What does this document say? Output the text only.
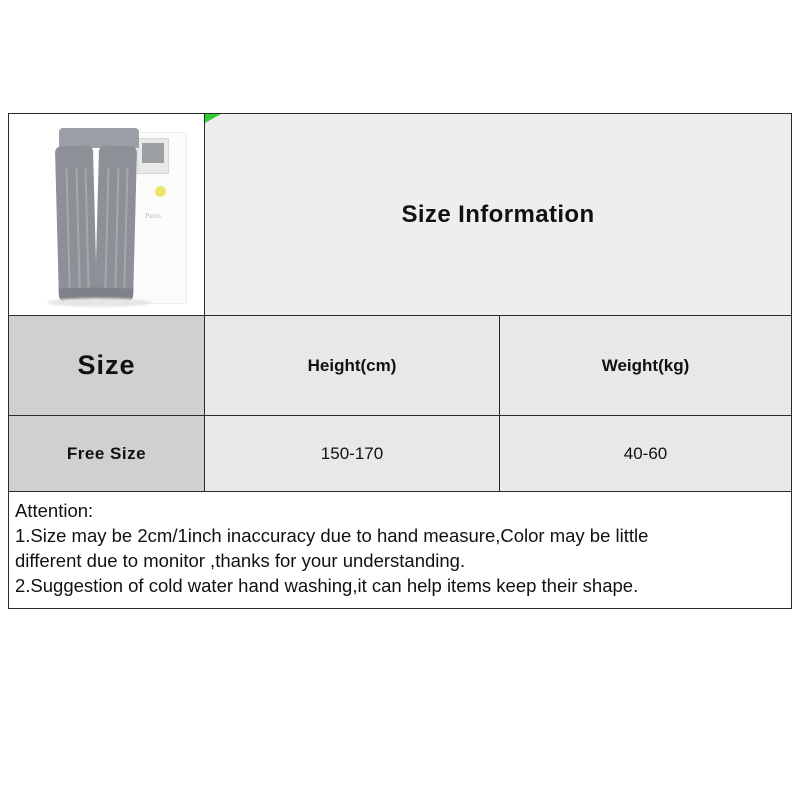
Pants	Size Information
Size	Height(cm)	Weight(kg)
Free Size	150-170	40-60
Attention:
1.Size may be 2cm/1inch inaccuracy due to hand measure,Color may be little
different due to monitor ,thanks for your understanding.
2.Suggestion of cold water hand washing,it can help items keep their shape.
